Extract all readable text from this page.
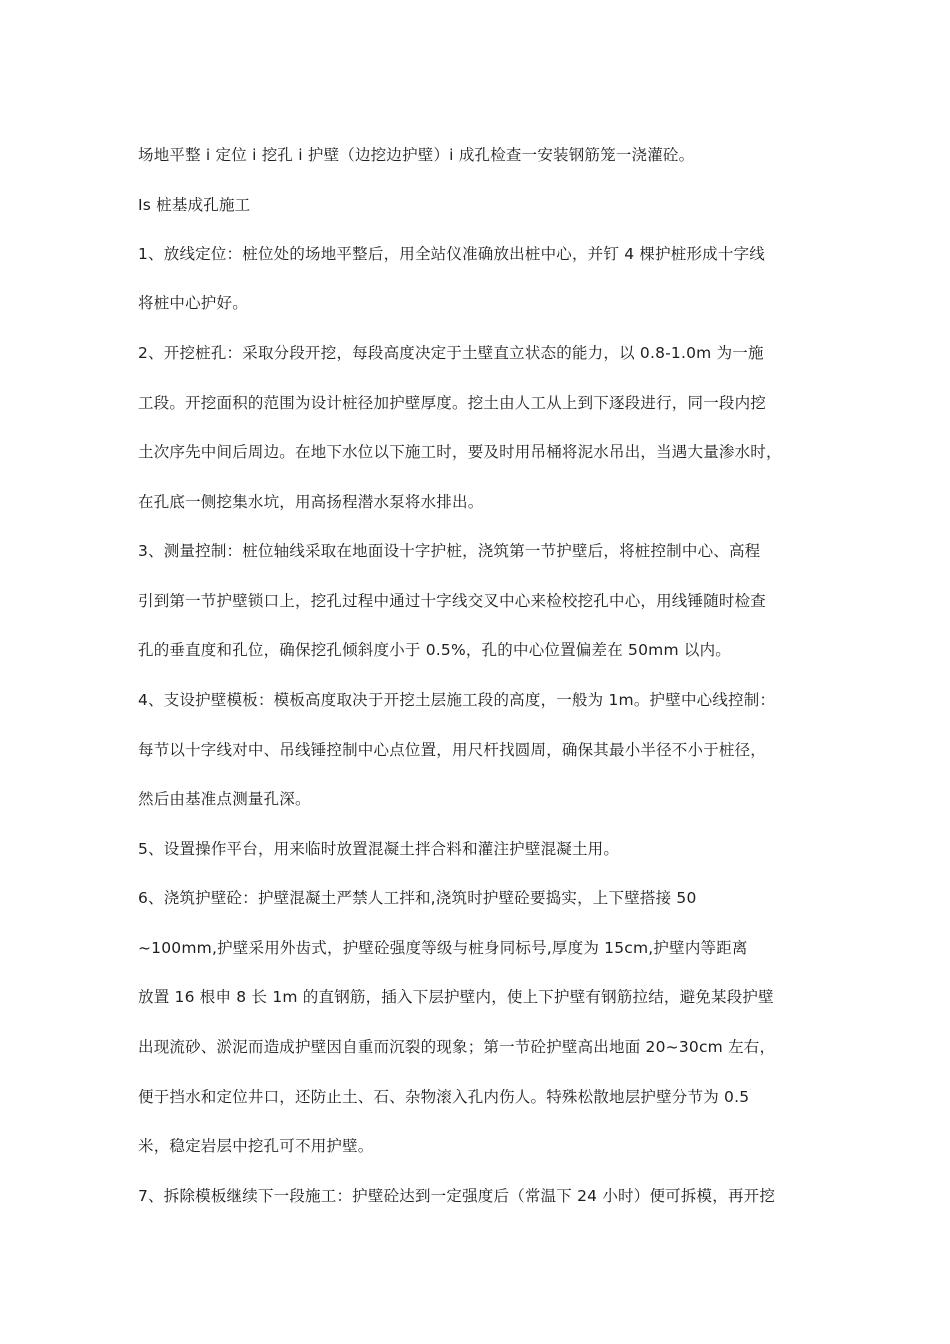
场地平整 i 定位 i 挖孔 i 护壁（边挖边护壁）i 成孔检查一安装钢筋笼一浇灌砼。
Is 桩基成孔施工
1、放线定位：桩位处的场地平整后，用全站仪准确放出桩中心，并钉 4 棵护桩形成十字线
将桩中心护好。
2、开挖桩孔：采取分段开挖，每段高度决定于土壁直立状态的能力，以 0.8-1.0m 为一施
工段。开挖面积的范围为设计桩径加护壁厚度。挖土由人工从上到下逐段进行，同一段内挖
土次序先中间后周边。在地下水位以下施工时，要及时用吊桶将泥水吊出，当遇大量渗水时，
在孔底一侧挖集水坑，用高扬程潜水泵将水排出。
3、测量控制：桩位轴线采取在地面设十字护桩，浇筑第一节护壁后，将桩控制中心、高程
引到第一节护壁锁口上，挖孔过程中通过十字线交叉中心来检校挖孔中心，用线锤随时检查
孔的垂直度和孔位，确保挖孔倾斜度小于 0.5%，孔的中心位置偏差在 50mm 以内。
4、支设护壁模板：模板高度取决于开挖土层施工段的高度，一般为 1m。护壁中心线控制：
每节以十字线对中、吊线锤控制中心点位置，用尺杆找圆周，确保其最小半径不小于桩径，
然后由基准点测量孔深。
5、设置操作平台，用来临时放置混凝土拌合料和灌注护壁混凝土用。
6、浇筑护壁砼：护壁混凝土严禁人工拌和,浇筑时护壁砼要捣实，上下壁搭接 50
~100mm,护壁采用外齿式，护壁砼强度等级与桩身同标号,厚度为 15cm,护壁内等距离
放置 16 根申 8 长 1m 的直钢筋，插入下层护壁内，使上下护壁有钢筋拉结，避免某段护壁
出现流砂、淤泥而造成护壁因自重而沉裂的现象；第一节砼护壁高出地面 20~30cm 左右，
便于挡水和定位井口，还防止土、石、杂物滚入孔内伤人。特殊松散地层护壁分节为 0.5
米，稳定岩层中挖孔可不用护壁。
7、拆除模板继续下一段施工：护壁砼达到一定强度后（常温下 24 小时）便可拆模，再开挖
